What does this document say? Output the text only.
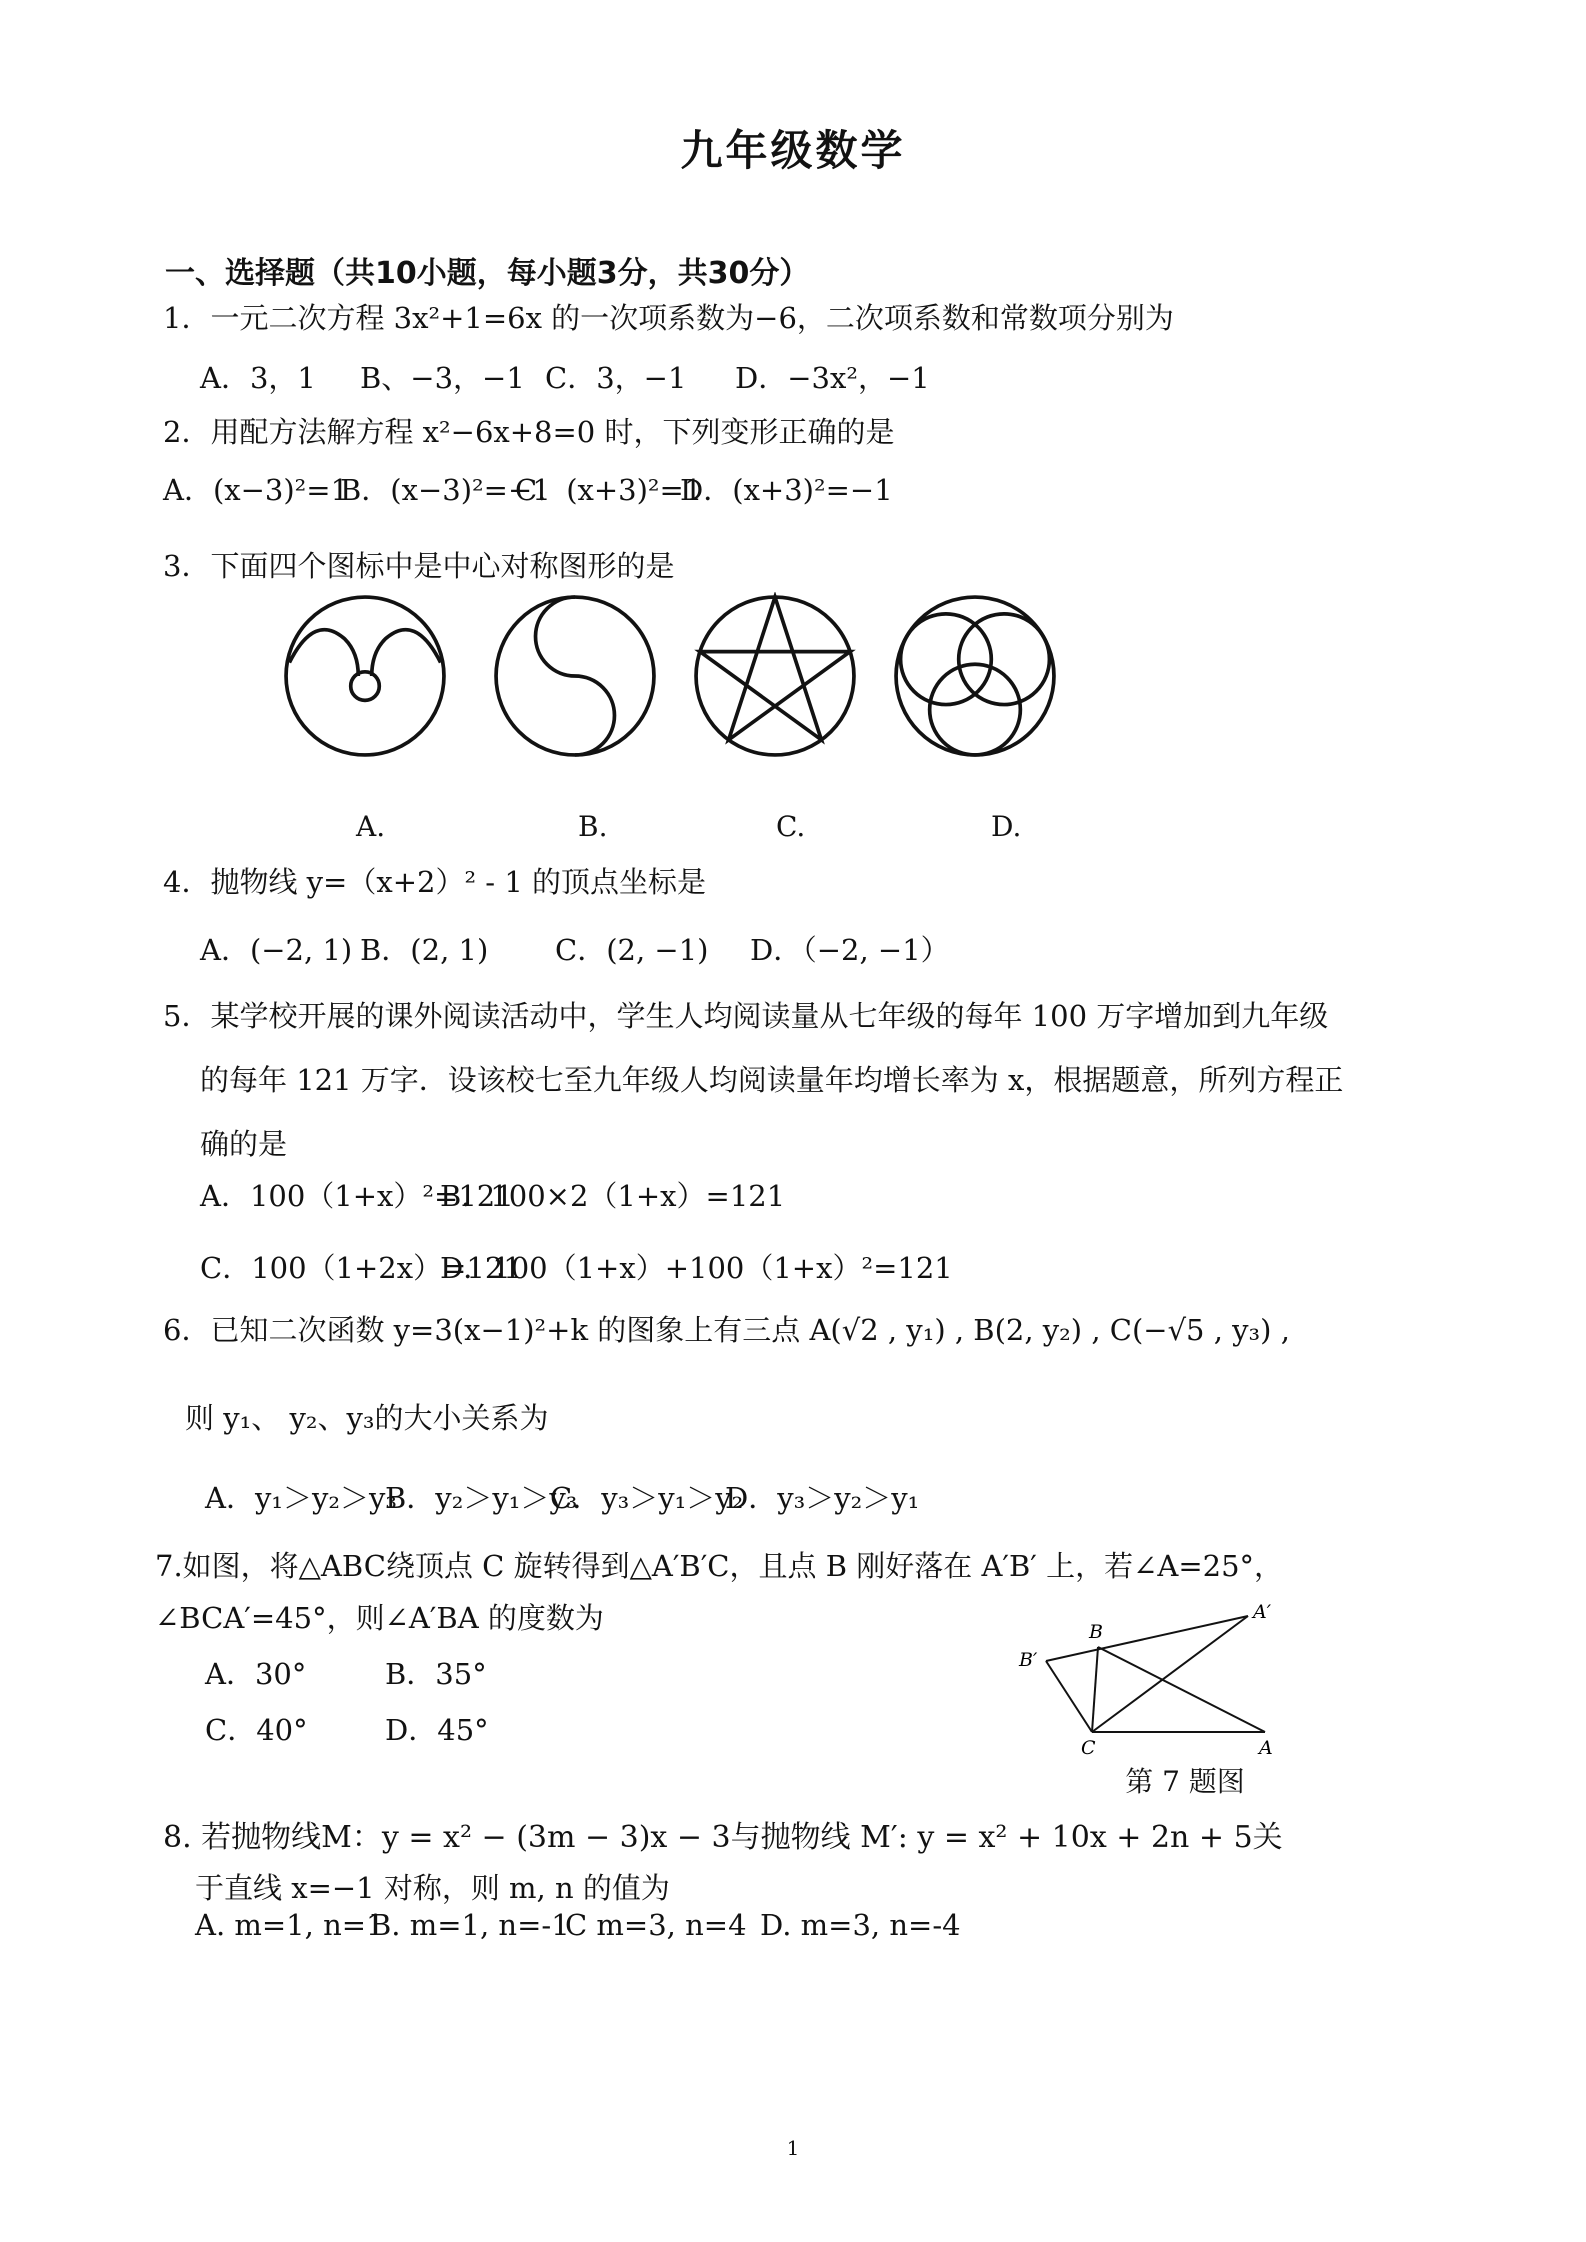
九年级数学
一、选择题（共10小题，每小题3分，共30分）
1．一元二次方程 3x²+1=6x 的一次项系数为−6，二次项系数和常数项分别为
A．3，1	B、−3，−1 C．3，−1	D．−3x²，−1
2．用配方法解方程 x²−6x+8=0 时，下列变形正确的是
A．(x−3)²=1
B．(x−3)²=−1
C．(x+3)²=1
D．(x+3)²=−1
3．下面四个图标中是中心对称图形的是
A.	B.	C.	D.
4．抛物线 y=（x+2）² - 1 的顶点坐标是
A．(−2, 1) B．(2, 1)	C．(2, −1)	D．（−2, −1）
5．某学校开展的课外阅读活动中，学生人均阅读量从七年级的每年 100 万字增加到九年级
的每年 121 万字．设该校七至九年级人均阅读量年均增长率为 x，根据题意，所列方程正
确的是
A．100（1+x）²=121
B．100×2（1+x）=121
C．100（1+2x）=121
D．100（1+x）+100（1+x）²=121
6．已知二次函数 y=3(x−1)²+k 的图象上有三点 A(√2 , y₁) , B(2, y₂) , C(−√5 , y₃) ,
则 y₁、 y₂、y₃的大小关系为
A．y₁＞y₂＞y₃
B．y₂＞y₁＞y₃
C．y₃＞y₁＞y₂
D．y₃＞y₂＞y₁
7.如图，将△ABC绕顶点 C 旋转得到△A′B′C，且点 B 刚好落在 A′B′ 上，若∠A=25°，
∠BCA′=45°，则∠A′BA 的度数为
A．30°	B．35°
C．40°	D．45°
A′
B
B′
C	A
第 7 题图
8. 若抛物线M：y = x² − (3m − 3)x − 3与抛物线 M′: y = x² + 10x + 2n + 5关
于直线 x=−1 对称，则 m, n 的值为
A. m=1, n=1
B. m=1, n=-1
C m=3, n=4 D. m=3, n=-4
1
